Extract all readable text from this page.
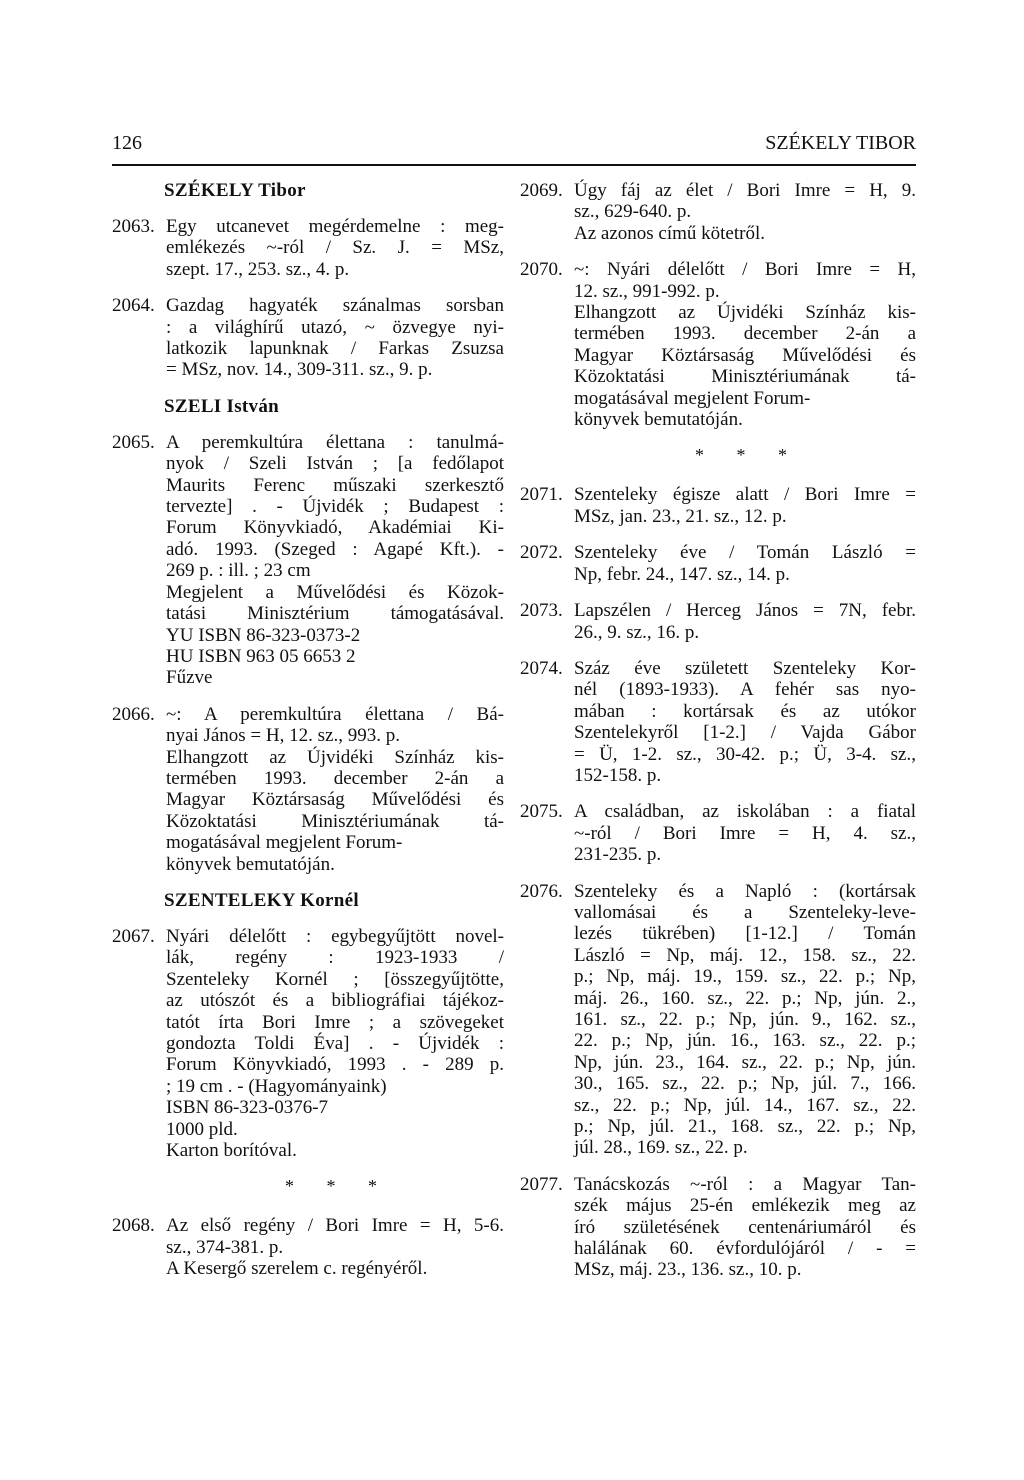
126	SZÉKELY TIBOR
SZÉKELY Tibor
2063. Egy utcanevet megérdemelne : meg-
emlékezés ~-ról / Sz. J. = MSz,
szept. 17., 253. sz., 4. p.
2064. Gazdag hagyaték szánalmas sorsban
: a világhírű utazó, ~ özvegye nyi-
latkozik lapunknak / Farkas Zsuzsa
= MSz, nov. 14., 309-311. sz., 9. p.
SZELI István
2065. A peremkultúra élettana : tanulmá-
nyok / Szeli István ; [a fedőlapot
Maurits Ferenc műszaki szerkesztő
tervezte] . - Újvidék ; Budapest :
Forum Könyvkiadó, Akadémiai Ki-
adó. 1993. (Szeged : Agapé Kft.). -
269 p. : ill. ; 23 cm
Megjelent a Művelődési és Közok-
tatási Minisztérium támogatásával.
YU ISBN 86-323-0373-2
HU ISBN 963 05 6653 2
Fűzve
2066. ~: A peremkultúra élettana / Bá-
nyai János = H, 12. sz., 993. p.
Elhangzott az Újvidéki Színház kis-
termében 1993. december 2-án a
Magyar Köztársaság Művelődési és
Közoktatási Minisztériumának tá-
mogatásával megjelent Forum-
könyvek bemutatóján.
SZENTELEKY Kornél
2067. Nyári délelőtt : egybegyűjtött novel-
lák, regény : 1923-1933 /
Szenteleky Kornél ; [összegyűjtötte,
az utószót és a bibliográfiai tájékoz-
tatót írta Bori Imre ; a szövegeket
gondozta Toldi Éva] . - Újvidék :
Forum Könyvkiadó, 1993 . - 289 p.
; 19 cm . - (Hagyományaink)
ISBN 86-323-0376-7
1000 pld.
Karton borítóval.
* * *
2068. Az első regény / Bori Imre = H, 5-6.
sz., 374-381. p.
A Kesergő szerelem c. regényéről.
2069. Úgy fáj az élet / Bori Imre = H, 9.
sz., 629-640. p.
Az azonos című kötetről.
2070. ~: Nyári délelőtt / Bori Imre = H,
12. sz., 991-992. p.
Elhangzott az Újvidéki Színház kis-
termében 1993. december 2-án a
Magyar Köztársaság Művelődési és
Közoktatási Minisztériumának tá-
mogatásával megjelent Forum-
könyvek bemutatóján.
* * *
2071. Szenteleky égisze alatt / Bori Imre =
MSz, jan. 23., 21. sz., 12. p.
2072. Szenteleky éve / Tomán László =
Np, febr. 24., 147. sz., 14. p.
2073. Lapszélen / Herceg János = 7N, febr.
26., 9. sz., 16. p.
2074. Száz éve született Szenteleky Kor-
nél (1893-1933). A fehér sas nyo-
mában : kortársak és az utókor
Szentelekyről [1-2.] / Vajda Gábor
= Ü, 1-2. sz., 30-42. p.; Ü, 3-4. sz.,
152-158. p.
2075. A családban, az iskolában : a fiatal
~-ról / Bori Imre = H, 4. sz.,
231-235. p.
2076. Szenteleky és a Napló : (kortársak
vallomásai és a Szenteleky-leve-
lezés tükrében) [1-12.] / Tomán
László = Np, máj. 12., 158. sz., 22.
p.; Np, máj. 19., 159. sz., 22. p.; Np,
máj. 26., 160. sz., 22. p.; Np, jún. 2.,
161. sz., 22. p.; Np, jún. 9., 162. sz.,
22. p.; Np, jún. 16., 163. sz., 22. p.;
Np, jún. 23., 164. sz., 22. p.; Np, jún.
30., 165. sz., 22. p.; Np, júl. 7., 166.
sz., 22. p.; Np, júl. 14., 167. sz., 22.
p.; Np, júl. 21., 168. sz., 22. p.; Np,
júl. 28., 169. sz., 22. p.
2077. Tanácskozás ~-ról : a Magyar Tan-
szék május 25-én emlékezik meg az
író születésének centenáriumáról és
halálának 60. évfordulójáról / - =
MSz, máj. 23., 136. sz., 10. p.
